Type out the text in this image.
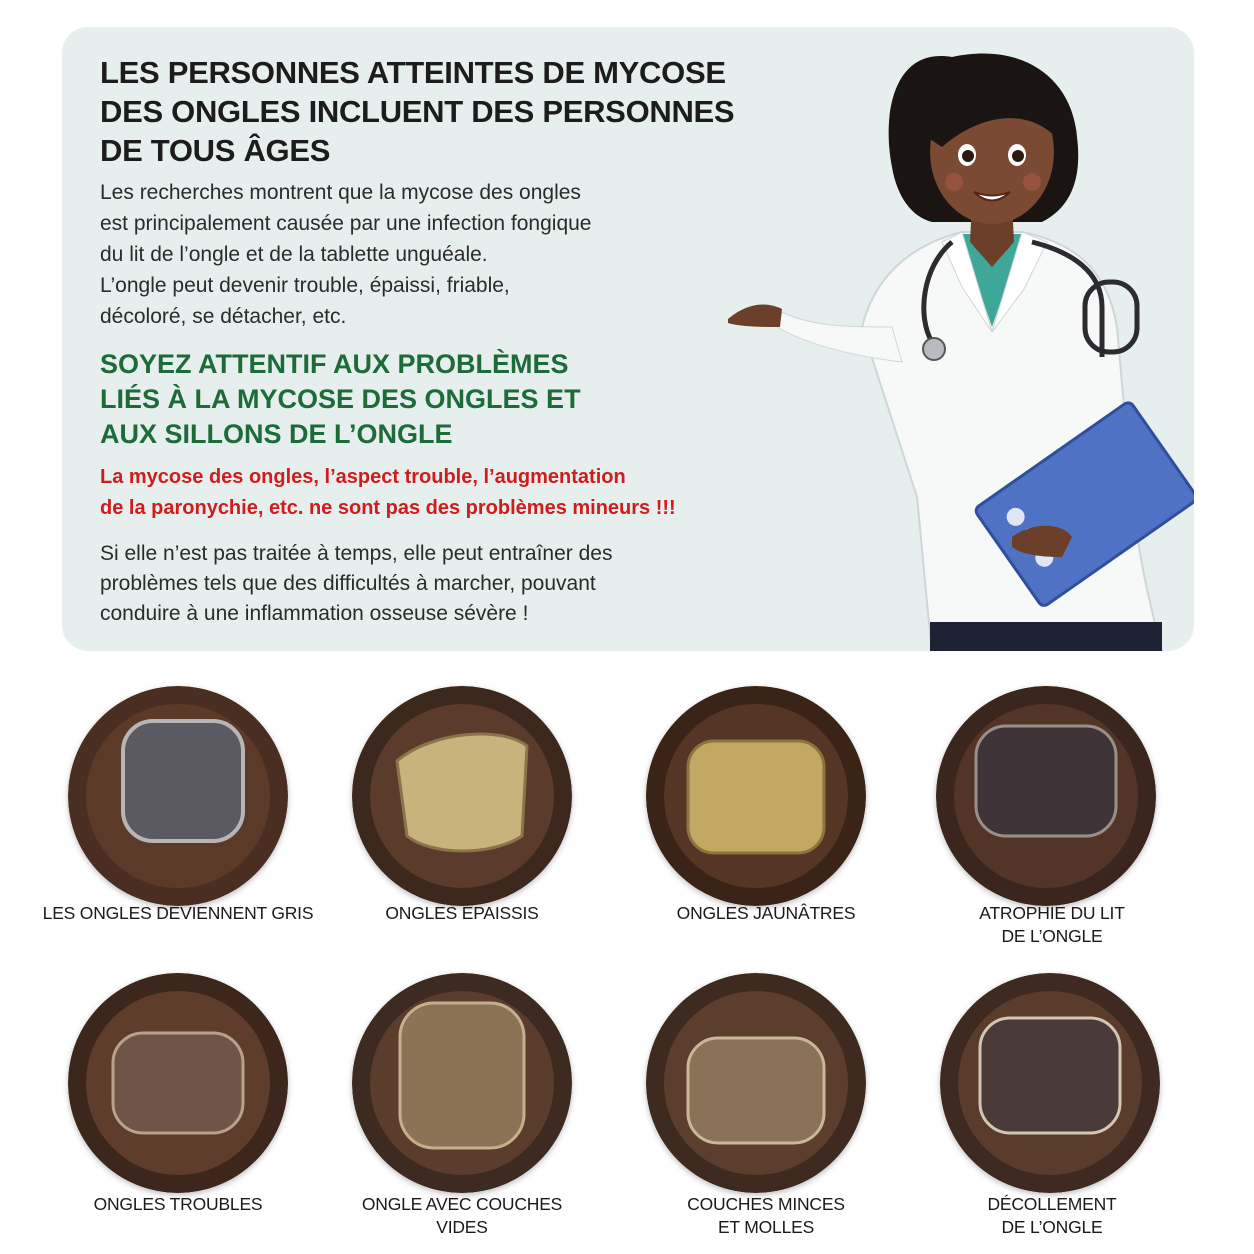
LES PERSONNES ATTEINTES DE MYCOSE
DES ONGLES INCLUENT DES PERSONNES
DE TOUS ÂGES
Les recherches montrent que la mycose des ongles
est principalement causée par une infection fongique
du lit de l’ongle et de la tablette unguéale.
L’ongle peut devenir trouble, épaissi, friable,
décoloré, se détacher, etc.
SOYEZ ATTENTIF AUX PROBLÈMES
LIÉS À LA MYCOSE DES ONGLES ET
AUX SILLONS DE L’ONGLE
La mycose des ongles, l’aspect trouble, l’augmentation
de la paronychie, etc. ne sont pas des problèmes mineurs !!!
Si elle n’est pas traitée à temps, elle peut entraîner des
problèmes tels que des difficultés à marcher, pouvant
conduire à une inflammation osseuse sévère !
LES ONGLES DEVIENNENT GRIS	ONGLES ÉPAISSIS	ONGLES JAUNÂTRES	ATROPHIE DU LIT
DE L’ONGLE
ONGLES TROUBLES	ONGLE AVEC COUCHES
VIDES
COUCHES MINCES
ET MOLLES
DÉCOLLEMENT
DE L’ONGLE
